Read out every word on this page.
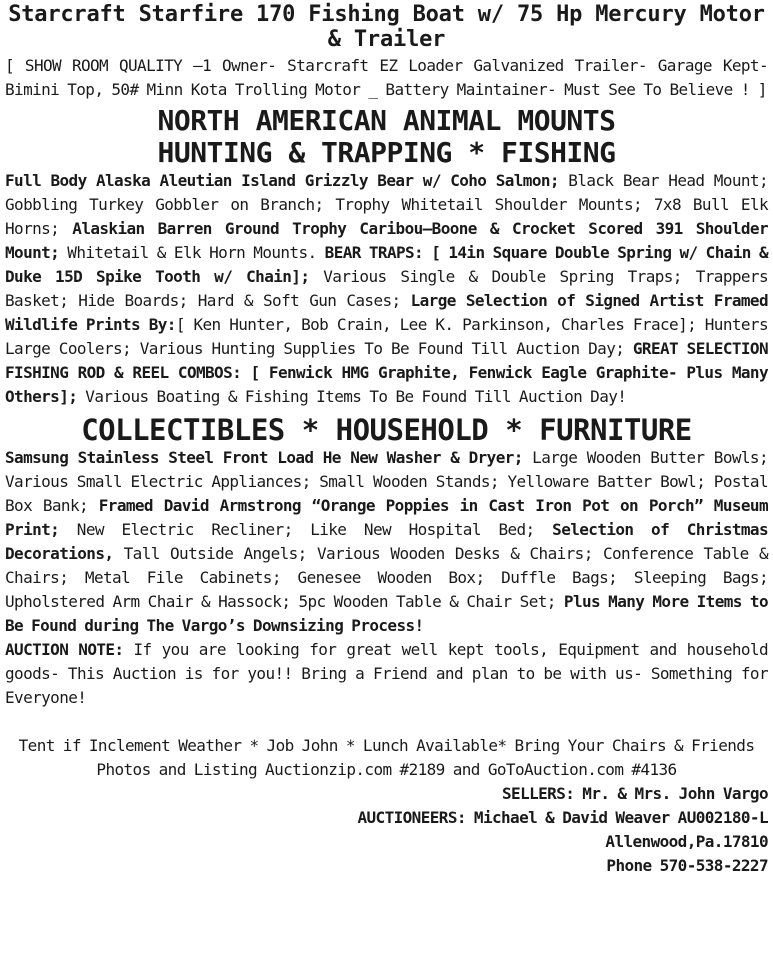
Starcraft Starfire 170 Fishing Boat w/ 75 Hp Mercury Motor & Trailer

[ SHOW ROOM QUALITY –1 Owner- Starcraft EZ Loader Galvanized Trailer- Garage Kept-Bimini Top, 50# Minn Kota Trolling Motor _ Battery Maintainer- Must See To Believe ! ]

NORTH AMERICAN ANIMAL MOUNTS
HUNTING & TRAPPING * FISHING

Full Body Alaska Aleutian Island Grizzly Bear w/ Coho Salmon; Black Bear Head Mount; Gobbling Turkey Gobbler on Branch; Trophy Whitetail Shoulder Mounts; 7x8 Bull Elk Horns; Alaskian Barren Ground Trophy Caribou–Boone & Crocket Scored 391 Shoulder Mount; Whitetail & Elk Horn Mounts. BEAR TRAPS: [ 14in Square Double Spring w/ Chain & Duke 15D Spike Tooth w/ Chain]; Various Single & Double Spring Traps; Trappers Basket; Hide Boards; Hard & Soft Gun Cases; Large Selection of Signed Artist Framed Wildlife Prints By:[ Ken Hunter, Bob Crain, Lee K. Parkinson, Charles Frace]; Hunters Large Coolers; Various Hunting Supplies To Be Found Till Auction Day; GREAT SELECTION FISHING ROD & REEL COMBOS: [ Fenwick HMG Graphite, Fenwick Eagle Graphite- Plus Many Others]; Various Boating & Fishing Items To Be Found Till Auction Day!

COLLECTIBLES * HOUSEHOLD * FURNITURE

Samsung Stainless Steel Front Load He New Washer & Dryer; Large Wooden Butter Bowls; Various Small Electric Appliances; Small Wooden Stands; Yelloware Batter Bowl; Postal Box Bank; Framed David Armstrong “Orange Poppies in Cast Iron Pot on Porch” Museum Print; New Electric Recliner; Like New Hospital Bed; Selection of Christmas Decorations, Tall Outside Angels; Various Wooden Desks & Chairs; Conference Table & Chairs; Metal File Cabinets; Genesee Wooden Box; Duffle Bags; Sleeping Bags; Upholstered Arm Chair & Hassock; 5pc Wooden Table & Chair Set; Plus Many More Items to Be Found during The Vargo’s Downsizing Process!

AUCTION NOTE: If you are looking for great well kept tools, Equipment and household goods- This Auction is for you!! Bring a Friend and plan to be with us- Something for Everyone!

Tent if Inclement Weather * Job John * Lunch Available* Bring Your Chairs & Friends

Photos and Listing Auctionzip.com #2189 and GoToAuction.com #4136

SELLERS: Mr. & Mrs. John Vargo

AUCTIONEERS: Michael & David Weaver AU002180-L

Allenwood,Pa.17810

Phone 570-538-2227
